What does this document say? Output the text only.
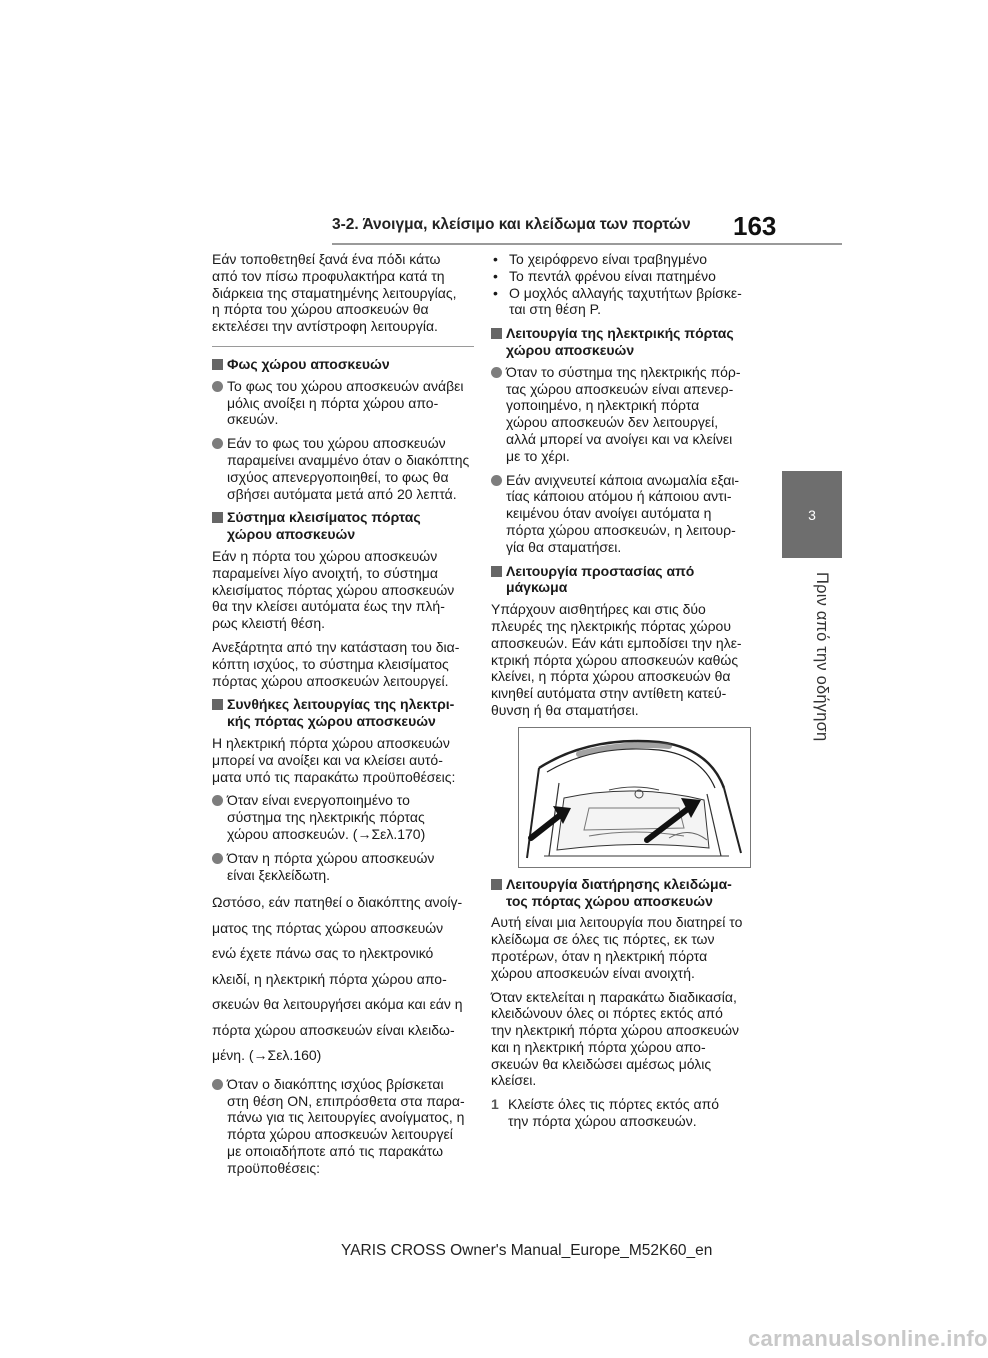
3-2. Άνοιγμα, κλείσιμο και κλείδωμα των πορτών 163
3
Πριν από την οδήγηση

Εάν τοποθετηθεί ξανά ένα πόδι κάτω
από τον πίσω προφυλακτήρα κατά τη
διάρκεια της σταματημένης λειτουργίας,
η πόρτα του χώρου αποσκευών θα
εκτελέσει την αντίστροφη λειτουργία.

Φως χώρου αποσκευών
Το φως του χώρου αποσκευών ανάβει
μόλις ανοίξει η πόρτα χώρου απο-
σκευών.
Εάν το φως του χώρου αποσκευών
παραμείνει αναμμένο όταν ο διακόπτης
ισχύος απενεργοποιηθεί, το φως θα
σβήσει αυτόματα μετά από 20 λεπτά.
Σύστημα κλεισίματος πόρτας
χώρου αποσκευών

Εάν η πόρτα του χώρου αποσκευών
παραμείνει λίγο ανοιχτή, το σύστημα
κλεισίματος πόρτας χώρου αποσκευών
θα την κλείσει αυτόματα έως την πλή-
ρως κλειστή θέση.

Ανεξάρτητα από την κατάσταση του δια-
κόπτη ισχύος, το σύστημα κλεισίματος
πόρτας χώρου αποσκευών λειτουργεί.

Συνθήκες λειτουργίας της ηλεκτρι-
κής πόρτας χώρου αποσκευών

Η ηλεκτρική πόρτα χώρου αποσκευών
μπορεί να ανοίξει και να κλείσει αυτό-
ματα υπό τις παρακάτω προϋποθέσεις:

Όταν είναι ενεργοποιημένο το
σύστημα της ηλεκτρικής πόρτας
χώρου αποσκευών. (→Σελ.170)
Όταν η πόρτα χώρου αποσκευών
είναι ξεκλείδωτη.

Ωστόσο, εάν πατηθεί ο διακόπτης ανοίγ-
ματος της πόρτας χώρου αποσκευών
ενώ έχετε πάνω σας το ηλεκτρονικό
κλειδί, η ηλεκτρική πόρτα χώρου απο-
σκευών θα λειτουργήσει ακόμα και εάν η
πόρτα χώρου αποσκευών είναι κλειδω-
μένη. (→Σελ.160)

Όταν ο διακόπτης ισχύος βρίσκεται
στη θέση ON, επιπρόσθετα στα παρα-
πάνω για τις λειτουργίες ανοίγματος, η
πόρτα χώρου αποσκευών λειτουργεί
με οποιαδήποτε από τις παρακάτω
προϋποθέσεις:
• Το χειρόφρενο είναι τραβηγμένο
• Το πεντάλ φρένου είναι πατημένο
• Ο μοχλός αλλαγής ταχυτήτων βρίσκε-
ται στη θέση P.
Λειτουργία της ηλεκτρικής πόρτας
χώρου αποσκευών
Όταν το σύστημα της ηλεκτρικής πόρ-
τας χώρου αποσκευών είναι απενερ-
γοποιημένο, η ηλεκτρική πόρτα
χώρου αποσκευών δεν λειτουργεί,
αλλά μπορεί να ανοίγει και να κλείνει
με το χέρι.
Εάν ανιχνευτεί κάποια ανωμαλία εξαι-
τίας κάποιου ατόμου ή κάποιου αντι-
κειμένου όταν ανοίγει αυτόματα η
πόρτα χώρου αποσκευών, η λειτουρ-
γία θα σταματήσει.
Λειτουργία προστασίας από
μάγκωμα

Υπάρχουν αισθητήρες και στις δύο
πλευρές της ηλεκτρικής πόρτας χώρου
αποσκευών. Εάν κάτι εμποδίσει την ηλε-
κτρική πόρτα χώρου αποσκευών καθώς
κλείνει, η πόρτα χώρου αποσκευών θα
κινηθεί αυτόματα στην αντίθετη κατεύ-
θυνση ή θα σταματήσει.

Λειτουργία διατήρησης κλειδώμα-
τος πόρτας χώρου αποσκευών

Αυτή είναι μια λειτουργία που διατηρεί το
κλείδωμα σε όλες τις πόρτες, εκ των
προτέρων, όταν η ηλεκτρική πόρτα
χώρου αποσκευών είναι ανοιχτή.

Όταν εκτελείται η παρακάτω διαδικασία,
κλειδώνουν όλες οι πόρτες εκτός από
την ηλεκτρική πόρτα χώρου αποσκευών
και η ηλεκτρική πόρτα χώρου απο-
σκευών θα κλειδώσει αμέσως μόλις
κλείσει.

1 Κλείστε όλες τις πόρτες εκτός από
την πόρτα χώρου αποσκευών.
YARIS CROSS Owner's Manual_Europe_M52K60_en
carmanualsonline.info
